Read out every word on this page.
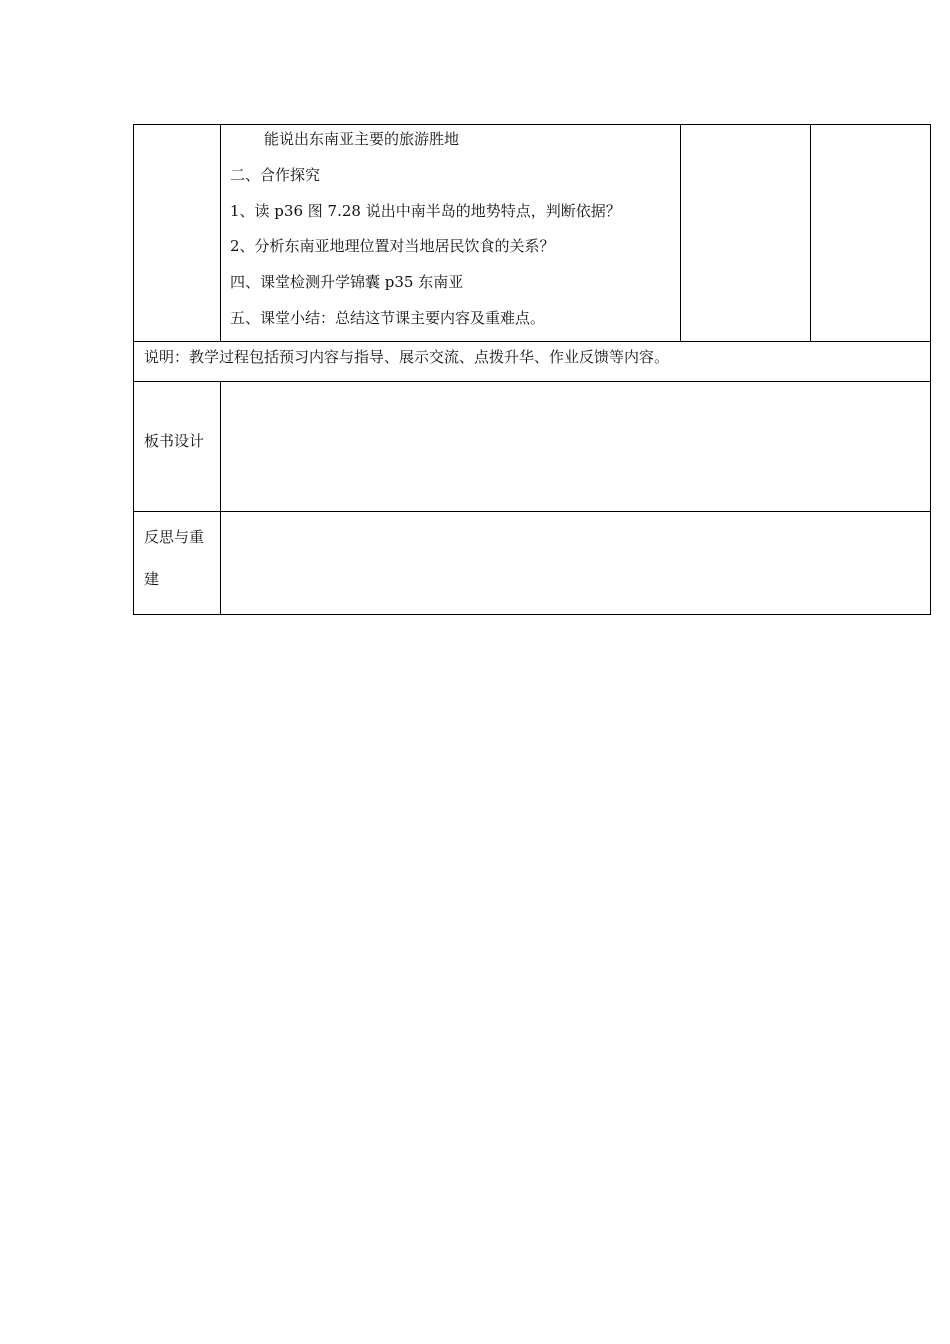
能说出东南亚主要的旅游胜地
二、合作探究
1、读 p36 图 7.28 说出中南半岛的地势特点，判断依据？
2、分析东南亚地理位置对当地居民饮食的关系？
四、课堂检测升学锦囊 p35 东南亚
五、课堂小结：总结这节课主要内容及重难点。
说明：教学过程包括预习内容与指导、展示交流、点拨升华、作业反馈等内容。
板书设计
反思与重
建
